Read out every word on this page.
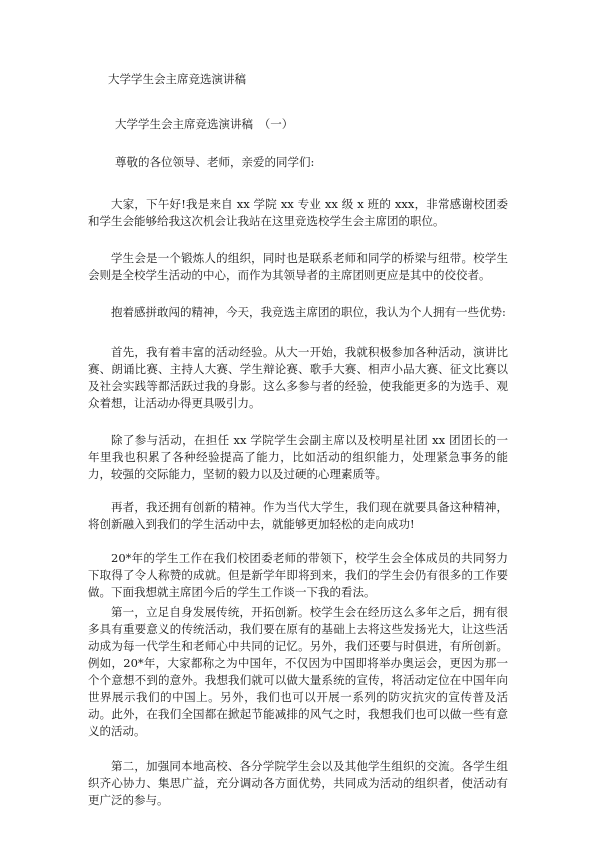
大学学生会主席竞选演讲稿
大学学生会主席竞选演讲稿　（一）
尊敬的各位领导、老师，亲爱的同学们:
大家，下午好!我是来自 xx 学院 xx 专业 xx 级 x 班的 xxx，非常感谢校团委和学生会能够给我这次机会让我站在这里竞选校学生会主席团的职位。
学生会是一个锻炼人的组织，同时也是联系老师和同学的桥梁与纽带。校学生会则是全校学生活动的中心，而作为其领导者的主席团则更应是其中的佼佼者。
抱着感拼敢闯的精神，今天，我竞选主席团的职位，我认为个人拥有一些优势:
首先，我有着丰富的活动经验。从大一开始，我就积极参加各种活动，演讲比赛、朗诵比赛、主持人大赛、学生辩论赛、歌手大赛、相声小品大赛、征文比赛以及社会实践等都活跃过我的身影。这么多参与者的经验，使我能更多的为选手、观众着想，让活动办得更具吸引力。
除了参与活动，在担任 xx 学院学生会副主席以及校明星社团 xx 团团长的一年里我也积累了各种经验提高了能力，比如活动的组织能力，处理紧急事务的能力，较强的交际能力，坚韧的毅力以及过硬的心理素质等。
再者，我还拥有创新的精神。作为当代大学生，我们现在就要具备这种精神，将创新融入到我们的学生活动中去，就能够更加轻松的走向成功!
20*年的学生工作在我们校团委老师的带领下，校学生会全体成员的共同努力下取得了令人称赞的成就。但是新学年即将到来，我们的学生会仍有很多的工作要做。下面我想就主席团今后的学生工作谈一下我的看法。
第一，立足自身发展传统，开拓创新。校学生会在经历这么多年之后，拥有很多具有重要意义的传统活动，我们要在原有的基础上去将这些发扬光大，让这些活动成为每一代学生和老师心中共同的记忆。另外，我们还要与时俱进，有所创新。例如，20*年，大家都称之为中国年，不仅因为中国即将举办奥运会，更因为那一个个意想不到的意外。我想我们就可以做大量系统的宣传，将活动定位在中国年向世界展示我们的中国上。另外，我们也可以开展一系列的防灾抗灾的宣传普及活动。此外，在我们全国都在掀起节能减排的风气之时，我想我们也可以做一些有意义的活动。
第二，加强同本地高校、各分学院学生会以及其他学生组织的交流。各学生组织齐心协力、集思广益，充分调动各方面优势，共同成为活动的组织者，使活动有更广泛的参与。
